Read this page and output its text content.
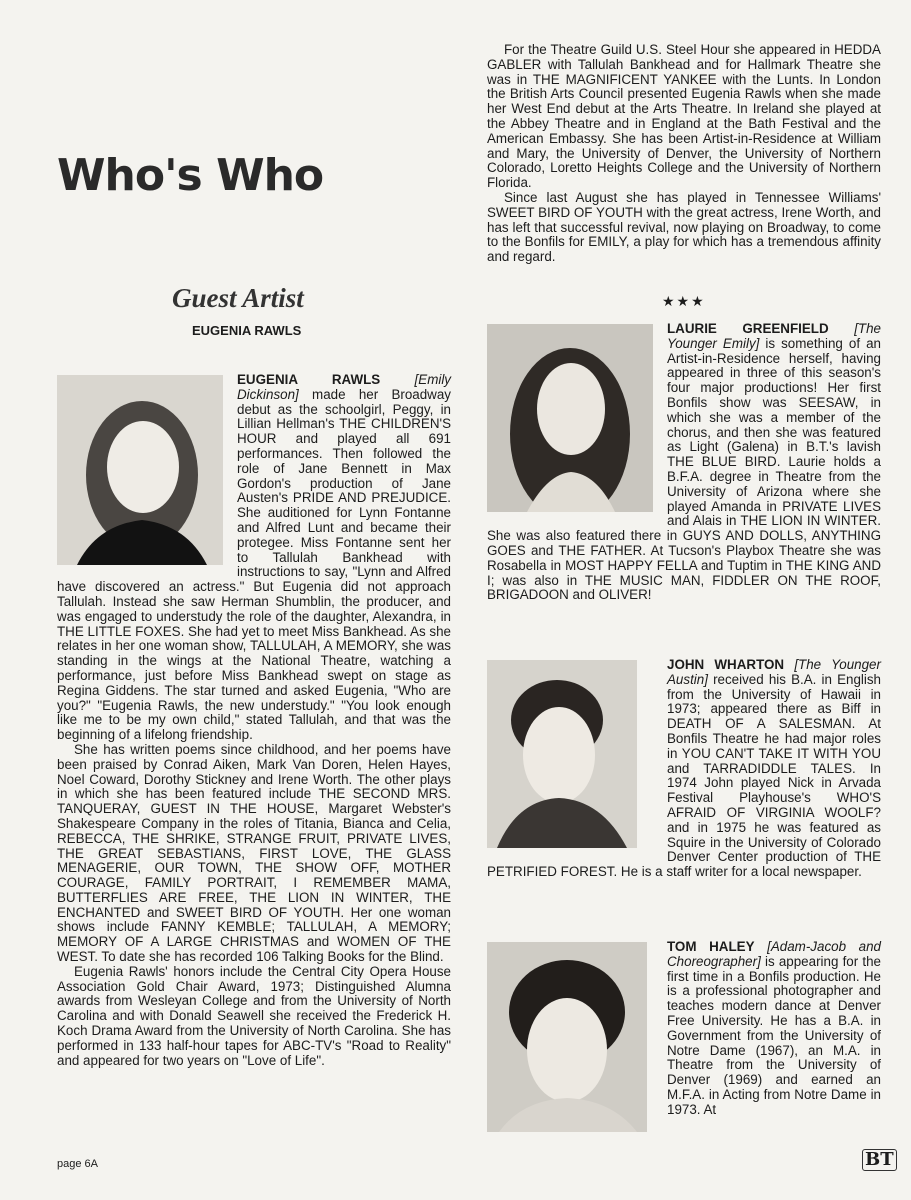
Who's Who
Guest Artist
EUGENIA RAWLS

EUGENIA RAWLS	[Emily Dickinson] made her Broadway debut as the schoolgirl, Peggy, in Lillian Hellman's THE CHILDREN'S HOUR and played all 691 performances. Then followed the role of Jane Bennett in Max Gordon's production of Jane Austen's PRIDE AND PREJUDICE. She auditioned for Lynn Fontanne and Alfred Lunt and became their protegee. Miss Fontanne sent her to Tallulah Bankhead with instructions to say, "Lynn and Alfred have discovered an actress." But Eugenia did not approach Tallulah. Instead she saw Herman Shumblin, the producer, and was engaged to understudy the role of the daughter, Alexandra, in THE LITTLE FOXES. She had yet to meet Miss Bankhead. As she relates in her one woman show, TALLULAH, A MEMORY, she was standing in the wings at the National Theatre, watching a performance, just before Miss Bankhead swept on stage as Regina Giddens. The star turned and asked Eugenia, "Who are you?" "Eugenia Rawls, the new understudy." "You look enough like me to be my own child," stated Tallulah, and that was the beginning of a lifelong friendship.

She has written poems since childhood, and her poems have been praised by Conrad Aiken, Mark Van Doren, Helen Hayes, Noel Coward, Dorothy Stickney and Irene Worth. The other plays in which she has been featured include THE SECOND MRS. TANQUERAY, GUEST IN THE HOUSE, Margaret Webster's Shakespeare Company in the roles of Titania, Bianca and Celia, REBECCA, THE SHRIKE, STRANGE FRUIT, PRIVATE LIVES, THE GREAT SEBASTIANS, FIRST LOVE, THE GLASS MENAGERIE, OUR TOWN, THE SHOW OFF, MOTHER COURAGE, FAMILY PORTRAIT, I REMEMBER MAMA, BUTTERFLIES ARE FREE, THE LION IN WINTER, THE ENCHANTED and SWEET BIRD OF YOUTH. Her one woman shows include FANNY KEMBLE; TALLULAH, A MEMORY; MEMORY OF A LARGE CHRISTMAS and WOMEN OF THE WEST. To date she has recorded 106 Talking Books for the Blind.

Eugenia Rawls' honors include the Central City Opera House Association Gold Chair Award, 1973; Distinguished Alumna awards from Wesleyan College and from the University of North Carolina and with Donald Seawell she received the Frederick H. Koch Drama Award from the University of North Carolina. She has performed in 133 half-hour tapes for ABC-TV's "Road to Reality" and appeared for two years on "Love of Life".

For the Theatre Guild U.S. Steel Hour she appeared in HEDDA GABLER with Tallulah Bankhead and for Hallmark Theatre she was in THE MAGNIFICENT YANKEE with the Lunts. In London the British Arts Council presented Eugenia Rawls when she made her West End debut at the Arts Theatre. In Ireland she played at the Abbey Theatre and in England at the Bath Festival and the American Embassy. She has been Artist-in-Residence at William and Mary, the University of Denver, the University of Northern Colorado, Loretto Heights College and the University of Northern Florida.

Since last August she has played in Tennessee Williams' SWEET BIRD OF YOUTH with the great actress, Irene Worth, and has left that successful revival, now playing on Broadway, to come to the Bonfils for EMILY, a play for which has a tremendous affinity and regard.

★★★

LAURIE GREENFIELD [The Younger Emily] is something of an Artist-in-Residence herself, having appeared in three of this season's four major productions! Her first Bonfils show was SEESAW, in which she was a member of the chorus, and then she was featured as Light (Galena) in B.T.'s lavish THE BLUE BIRD. Laurie holds a B.F.A. degree in Theatre from the University of Arizona where she played Amanda in PRIVATE LIVES and Alais in THE LION IN WINTER. She was also featured there in GUYS AND DOLLS, ANYTHING GOES and THE FATHER. At Tucson's Playbox Theatre she was Rosabella in MOST HAPPY FELLA and Tuptim in THE KING AND I; was also in THE MUSIC MAN, FIDDLER ON THE ROOF, BRIGADOON and OLIVER!

JOHN WHARTON [The Younger Austin] received his B.A. in English from the University of Hawaii in 1973; appeared there as Biff in DEATH OF A SALESMAN. At Bonfils Theatre he had major roles in YOU CAN'T TAKE IT WITH YOU and TARRADIDDLE TALES. In 1974 John played Nick in Arvada Festival Playhouse's WHO'S AFRAID OF VIRGINIA WOOLF? and in 1975 he was featured as Squire in the University of Colorado Denver Center production of THE PETRIFIED FOREST. He is a staff writer for a local newspaper.

TOM HALEY [Adam-Jacob and Choreographer] is appearing for the first time in a Bonfils production. He is a professional photographer and teaches modern dance at Denver Free University. He has a B.A. in Government from the University of Notre Dame (1967), an M.A. in Theatre from the University of Denver (1969) and earned an M.F.A. in Acting from Notre Dame in 1973. At

page 6A	BT
